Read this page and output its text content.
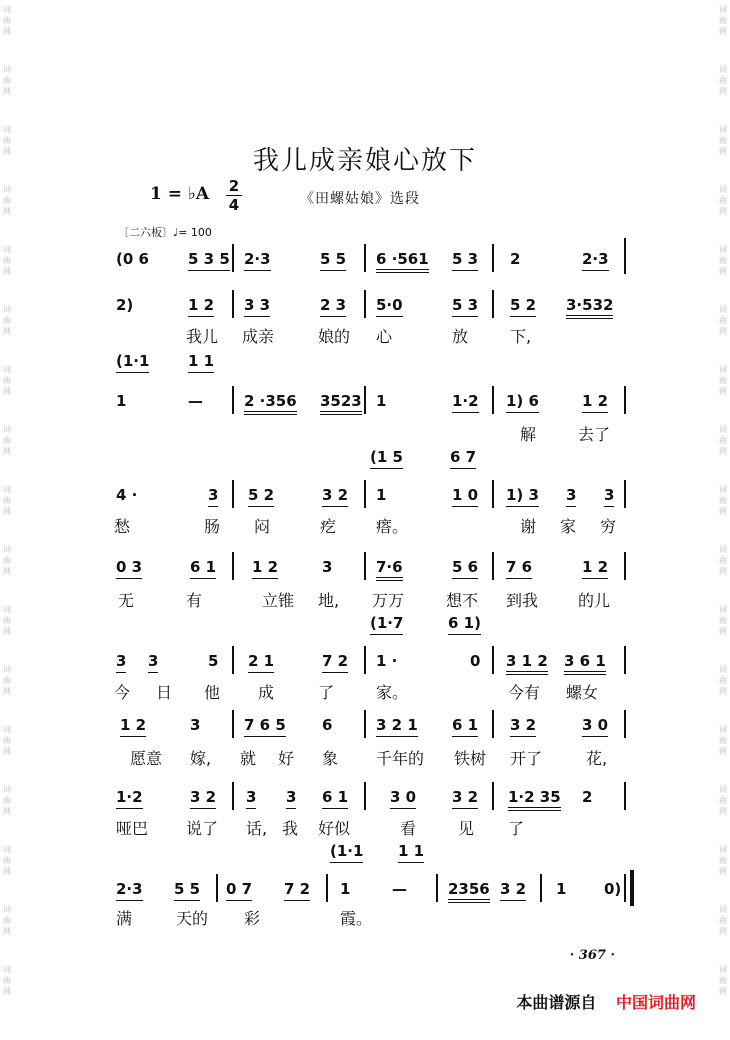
词
曲
网
词
曲
网
词
曲
网
词
曲
网
词
曲
网
词
曲
网
词
曲
网
词
曲
网
词
曲
网
词
曲
网
词
曲
网
词
曲
网
词
曲
网
词
曲
网
词
曲
网
词
曲
网
词
曲
网
词
曲
网
词
曲
网
词
曲
网
词
曲
网
词
曲
网
词
曲
网
词
曲
网
词
曲
网
词
曲
网
词
曲
网
词
曲
网
词
曲
网
词
曲
网
词
曲
网
词
曲
网
词
曲
网
词
曲
网
我儿成亲娘心放下
1 = ♭A 2
4	《田螺姑娘》选段
〔二六板〕♩= 100
(0 6	5 3 5 2·3	5 5 6 ·561 5 3 2	2·3
2)	1 2 3 3	2 3 5·0	5 3 5 2 3·532
我儿 成亲	娘的 心	放	下,
(1·1	1 1
1	—	2 ·356 3523 1	1·2 1) 6	1 2
解	去了
(1 5	6 7
4 ·	3 5 2	3 2 1	1 0 1) 3 3 3
愁	肠 闷	疙 瘩。	谢 家 穷
0 3	6 1 1 2	3	7·6	5 6 7 6	1 2
无	有	立锥 地, 万万	想不 到我 的儿
(1·7	6 1)
3 3	5 2 1	7 2 1 ·	0 3 1 2 3 6 1
今 日 他 成	了	家。	今有 螺女
1 2	3	7 6 5 6	3 2 1 6 1 3 2	3 0
愿意 嫁, 就 好 象 千年的 铁树 开了	花,
1·2	3 2 3 3 6 1	3 0 3 2 1·2 35 2
哑巴 说了 话, 我 好似	看	见 了
(1·1 1 1
2·3 5 5 0 7 7 2 1	—	2356 3 2 1	0)
满	天的 彩	霞。
· 367 ·
本曲谱源自 中国词曲网
